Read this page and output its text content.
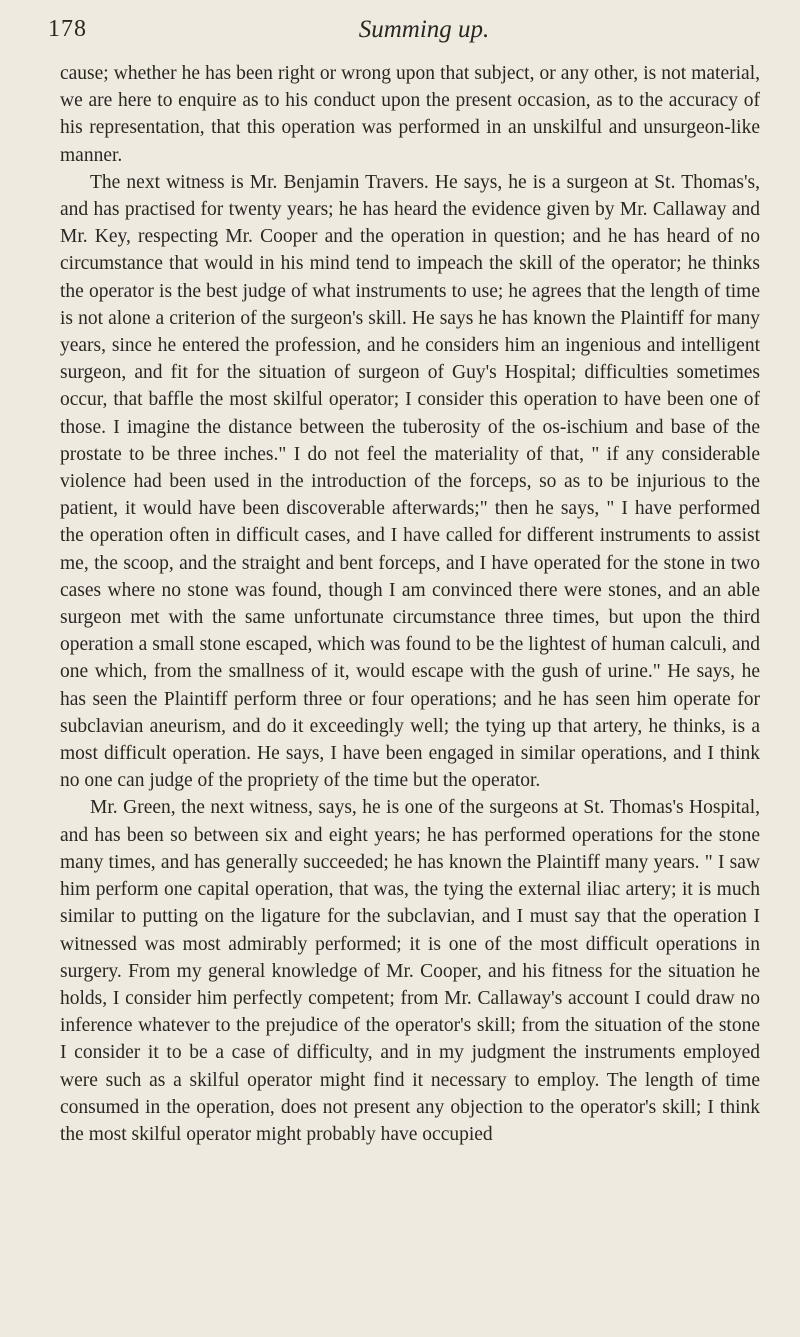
178	Summing up.

cause; whether he has been right or wrong upon that subject, or any other, is not material, we are here to enquire as to his conduct upon the present occasion, as to the accuracy of his representation, that this operation was performed in an unskilful and unsurgeon-like manner.

The next witness is Mr. Benjamin Travers. He says, he is a surgeon at St. Thomas's, and has practised for twenty years; he has heard the evidence given by Mr. Callaway and Mr. Key, respecting Mr. Cooper and the operation in question; and he has heard of no circumstance that would in his mind tend to impeach the skill of the operator; he thinks the operator is the best judge of what instruments to use; he agrees that the length of time is not alone a criterion of the surgeon's skill. He says he has known the Plaintiff for many years, since he entered the profession, and he considers him an ingenious and intelligent surgeon, and fit for the situation of surgeon of Guy's Hospital; difficulties sometimes occur, that baffle the most skilful operator; I consider this operation to have been one of those. I imagine the distance between the tuberosity of the os-ischium and base of the prostate to be three inches." I do not feel the materiality of that, " if any considerable violence had been used in the introduction of the forceps, so as to be injurious to the patient, it would have been discoverable afterwards;" then he says, " I have performed the operation often in difficult cases, and I have called for different instruments to assist me, the scoop, and the straight and bent forceps, and I have operated for the stone in two cases where no stone was found, though I am convinced there were stones, and an able surgeon met with the same unfortunate circumstance three times, but upon the third operation a small stone escaped, which was found to be the lightest of human calculi, and one which, from the smallness of it, would escape with the gush of urine." He says, he has seen the Plaintiff perform three or four operations; and he has seen him operate for subclavian aneurism, and do it exceedingly well; the tying up that artery, he thinks, is a most difficult operation. He says, I have been engaged in similar operations, and I think no one can judge of the propriety of the time but the operator.

Mr. Green, the next witness, says, he is one of the surgeons at St. Thomas's Hospital, and has been so between six and eight years; he has performed operations for the stone many times, and has generally succeeded; he has known the Plaintiff many years. " I saw him perform one capital operation, that was, the tying the external iliac artery; it is much similar to putting on the ligature for the subclavian, and I must say that the operation I witnessed was most admirably performed; it is one of the most difficult operations in surgery. From my general knowledge of Mr. Cooper, and his fitness for the situation he holds, I consider him perfectly competent; from Mr. Callaway's account I could draw no inference whatever to the prejudice of the operator's skill; from the situation of the stone I consider it to be a case of difficulty, and in my judgment the instruments employed were such as a skilful operator might find it necessary to employ. The length of time consumed in the operation, does not present any objection to the operator's skill; I think the most skilful operator might probably have occupied
